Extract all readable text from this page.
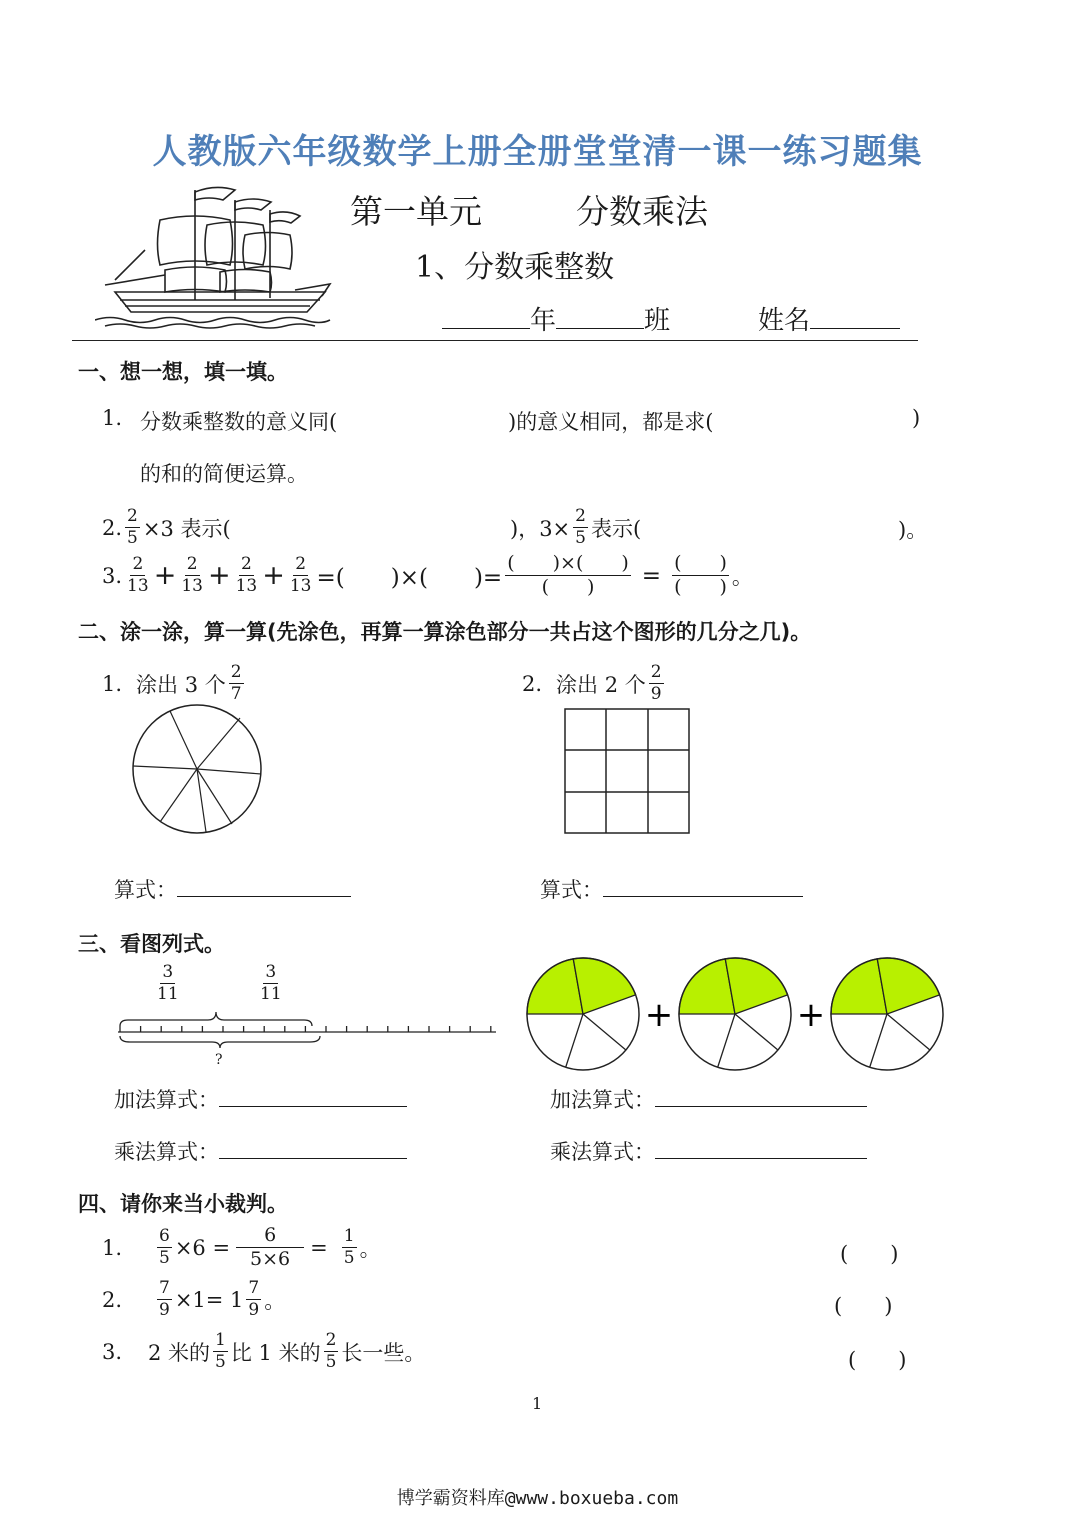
人教版六年级数学上册全册堂堂清一课一练习题集
第一单元	分数乘法
1、分数乘整数
年	班	姓名
一、想一想，填一填。
1. 分数乘整数的意义同(	)的意义相同，都是求(	)
的和的简便运算。
2. $\frac{2}{5} \times 3$ 表示(	)，$3\times \frac{2}{5}$ 表示(	)。
3. $\frac{2}{13} + \frac{2}{13} + \frac{2}{13} + \frac{2}{13}$ =(　　)×(　　)= $\frac{( )\times( )}{( )} = \frac{( )}{( )}$ 。
二、涂一涂，算一算(先涂色，再算一算涂色部分一共占这个图形的几分之几)。
1. 涂出 3 个 $\frac{2}{7}$	2. 涂出 2 个 $\frac{2}{9}$
算式：	算式：
三、看图列式。
$\frac{3}{11}$	$\frac{3}{11}$
?
+	+
加法算式：	加法算式：
乘法算式：	乘法算式：
四、请你来当小裁判。
1.	$\frac{6}{5} \times 6 = \frac{6}{5\times 6} = \frac{1}{5}$ 。	(　　)
2.	$\frac{7}{9} \times 1= 1 \frac{7}{9}$ 。	(　　)
3.	2 米的 $\frac{1}{5}$ 比 1 米的 $\frac{2}{5}$ 长一些。	(　　)
1
博学霸资料库@www.boxueba.com
